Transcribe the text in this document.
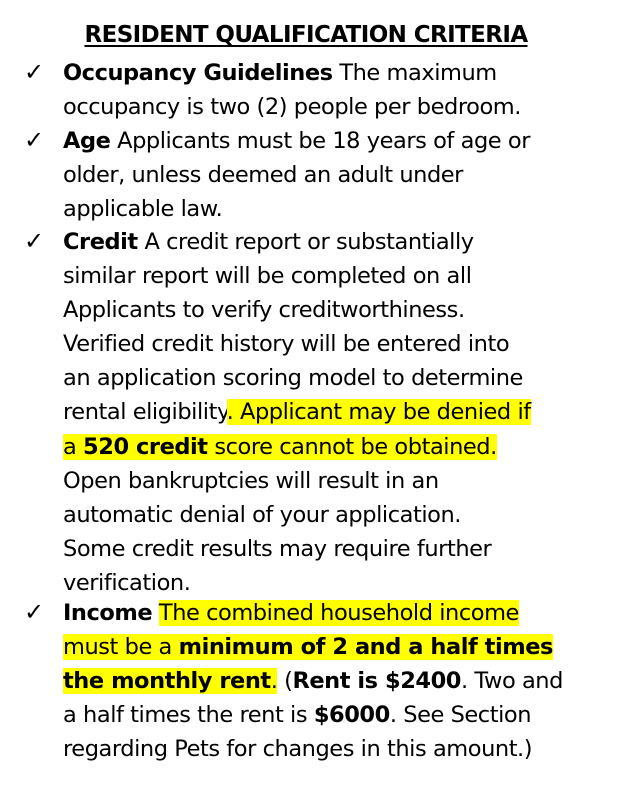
RESIDENT QUALIFICATION CRITERIA
✓ Occupancy Guidelines The maximum
occupancy is two (2) people per bedroom.
✓ Age Applicants must be 18 years of age or
older, unless deemed an adult under
applicable law.
✓ Credit A credit report or substantially
similar report will be completed on all
Applicants to verify creditworthiness.
Verified credit history will be entered into
an application scoring model to determine
rental eligibility. Applicant may be denied if
a 520 credit score cannot be obtained.
Open bankruptcies will result in an
automatic denial of your application.
Some credit results may require further
verification.
✓ Income The combined household income
must be a minimum of 2 and a half times
the monthly rent. (Rent is $2400. Two and
a half times the rent is $6000. See Section
regarding Pets for changes in this amount.)
